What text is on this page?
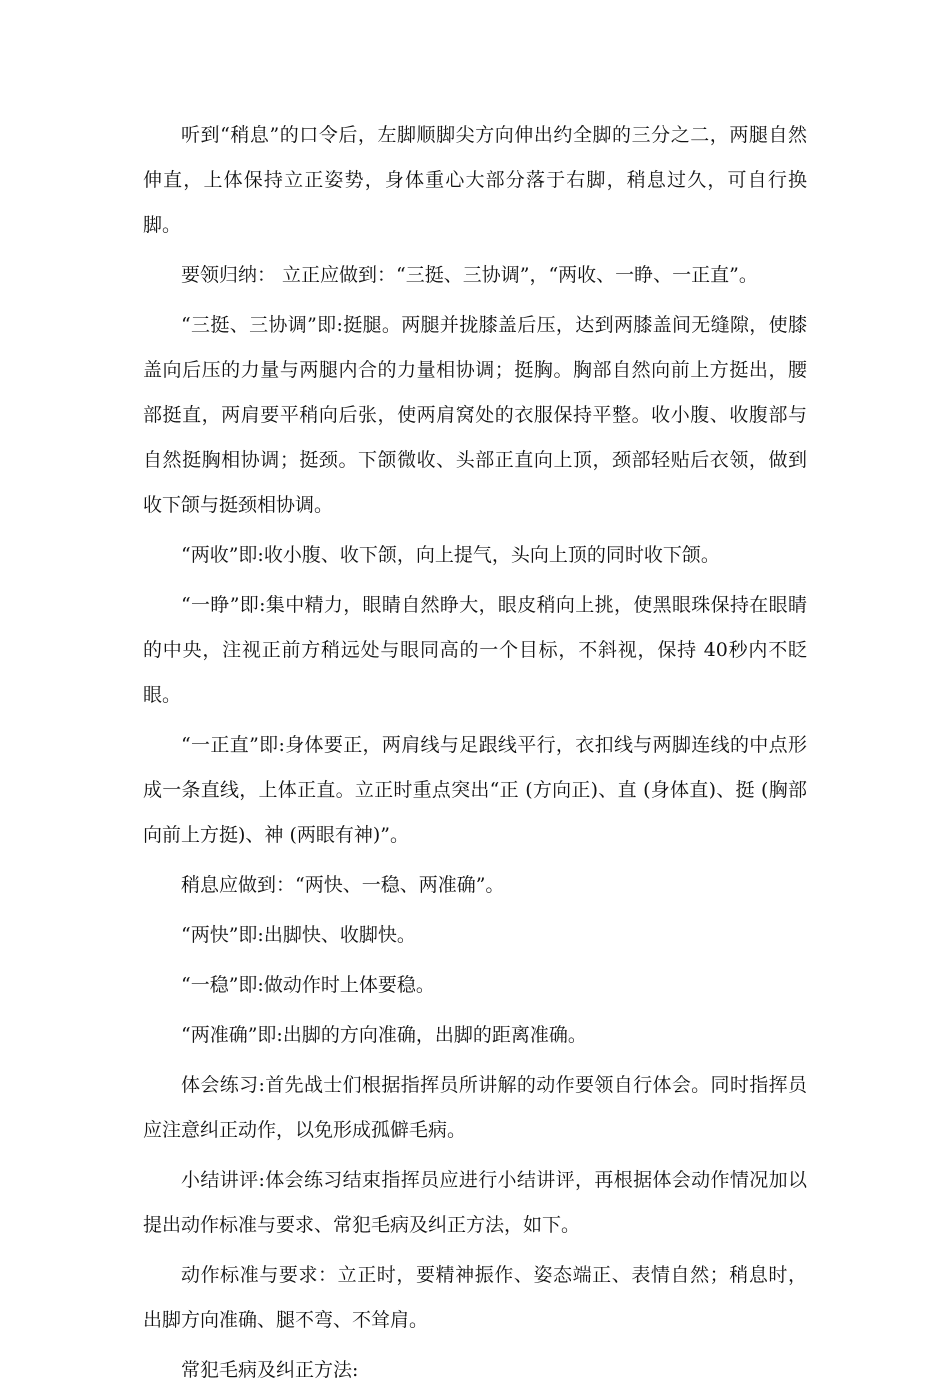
听到“稍息”的口令后，左脚顺脚尖方向伸出约全脚的三分之二，两腿自然伸直，上体保持立正姿势，身体重心大部分落于右脚，稍息过久，可自行换脚。

要领归纳： 立正应做到：“三挺、三协调”，“两收、一睁、一正直”。

“三挺、三协调”即:挺腿。两腿并拢膝盖后压，达到两膝盖间无缝隙，使膝盖向后压的力量与两腿内合的力量相协调；挺胸。胸部自然向前上方挺出，腰部挺直，两肩要平稍向后张，使两肩窝处的衣服保持平整。收小腹、收腹部与自然挺胸相协调；挺颈。下颌微收、头部正直向上顶，颈部轻贴后衣领，做到收下颌与挺颈相协调。

“两收”即:收小腹、收下颌，向上提气，头向上顶的同时收下颌。

“一睁”即:集中精力，眼睛自然睁大，眼皮稍向上挑，使黑眼珠保持在眼睛的中央，注视正前方稍远处与眼同高的一个目标，不斜视，保持 40秒内不眨眼。

“一正直”即:身体要正，两肩线与足跟线平行，衣扣线与两脚连线的中点形成一条直线，上体正直。立正时重点突出“正 (方向正)、直 (身体直)、挺 (胸部向前上方挺)、神 (两眼有神)”。

稍息应做到：“两快、一稳、两准确”。

“两快”即:出脚快、收脚快。

“一稳”即:做动作时上体要稳。

“两准确”即:出脚的方向准确，出脚的距离准确。

体会练习:首先战士们根据指挥员所讲解的动作要领自行体会。同时指挥员应注意纠正动作，以免形成孤僻毛病。

小结讲评:体会练习结束指挥员应进行小结讲评，再根据体会动作情况加以提出动作标准与要求、常犯毛病及纠正方法，如下。

动作标准与要求：立正时，要精神振作、姿态端正、表情自然；稍息时，出脚方向准确、腿不弯、不耸肩。

常犯毛病及纠正方法:
